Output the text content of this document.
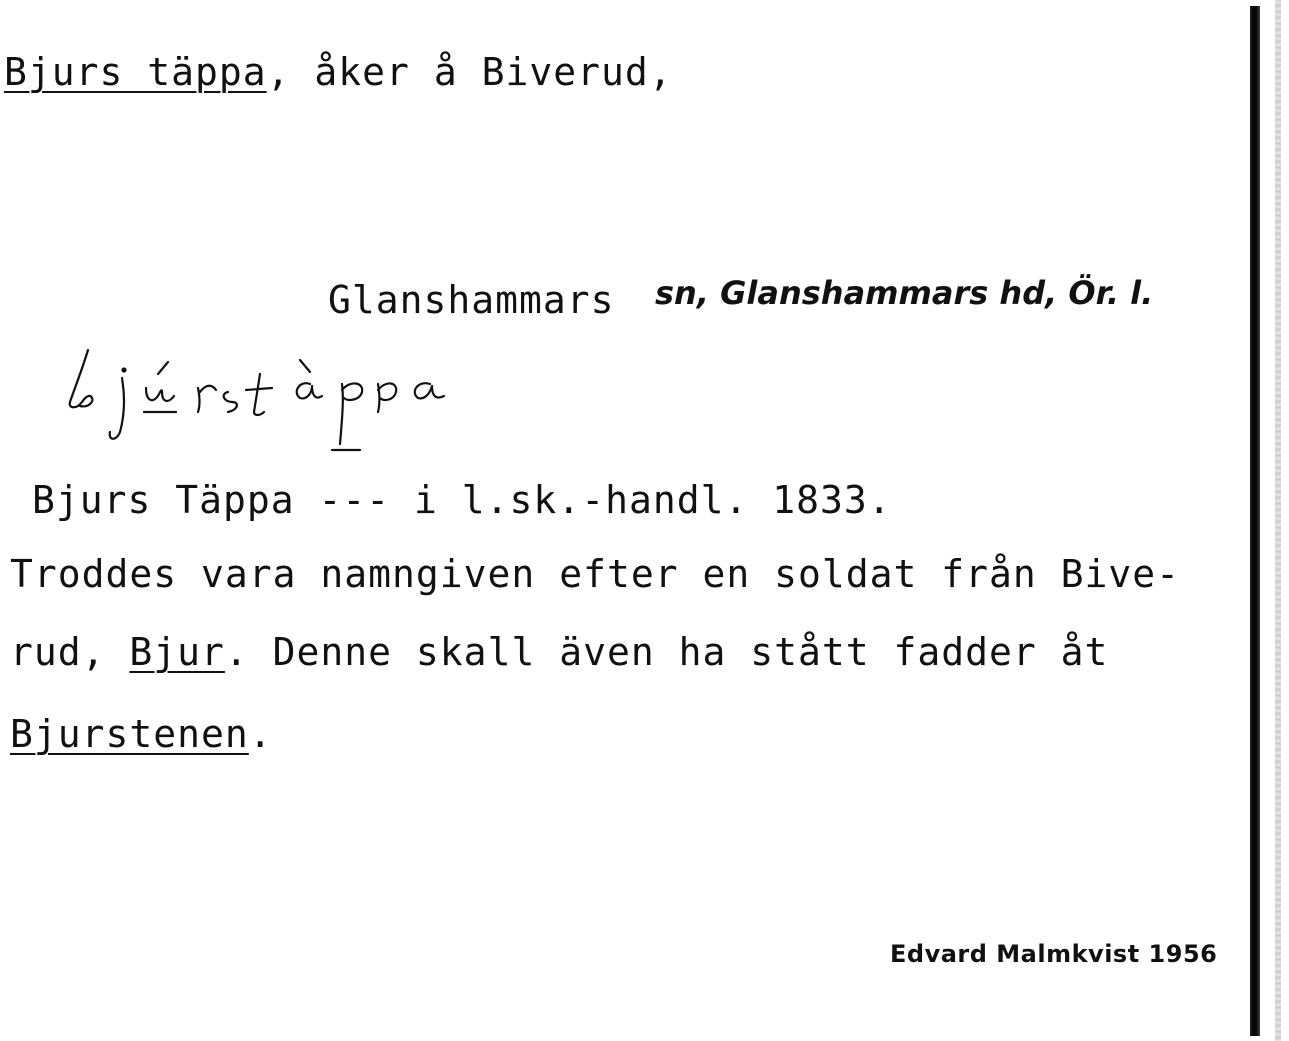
Bjurs täppa, åker å Biverud,
Glanshammars sn, Glanshammars hd, Ör. l.
bjúrs tàppa

Bjurs Täppa --- i l.sk.-handl. 1833.

Troddes vara namngiven efter en soldat från Bive-

rud, Bjur. Denne skall även ha stått fadder åt

Bjurstenen.

Edvard Malmkvist 1956
